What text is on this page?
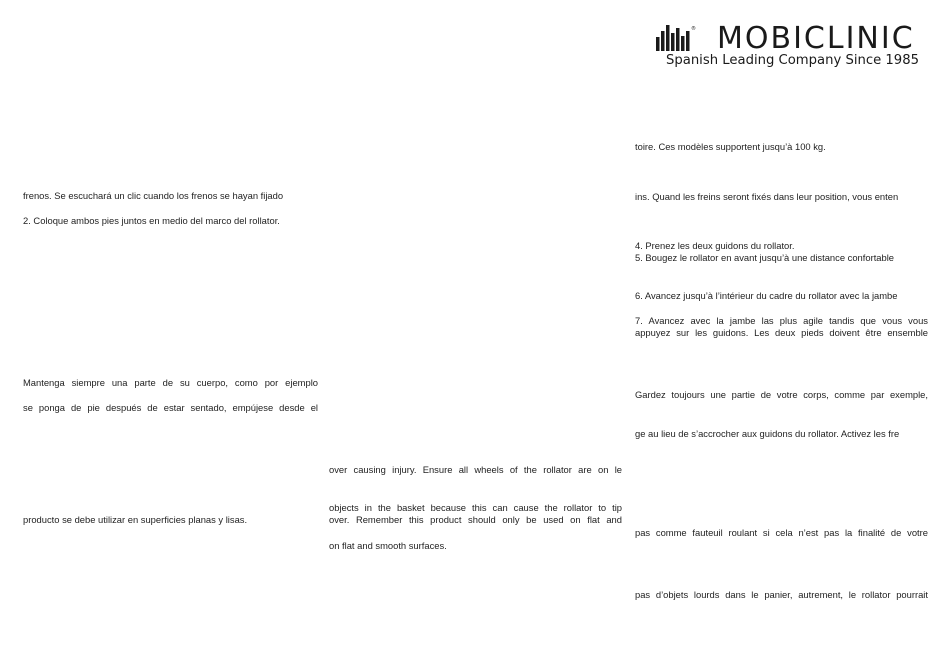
® MOBICLINIC
Spanish Leading Company Since 1985
frenos. Se escuchará un clic cuando los frenos se hayan fijado
2. Coloque ambos pies juntos en medio del marco del rollator.
Mantenga siempre una parte de su cuerpo, como por ejemplo
se ponga de pie después de estar sentado, empújese desde el
producto se debe utilizar en superficies planas y lisas.
over causing injury. Ensure all wheels of the rollator are on le
objects in the basket because this can cause the rollator to tip
over. Remember this product should only be used on flat and
on flat and smooth surfaces.
toire. Ces modèles supportent jusqu’à 100 kg.
ins. Quand les freins seront fixés dans leur position, vous enten
4. Prenez les deux guidons du rollator.
5. Bougez le rollator en avant jusqu’à une distance confortable
6. Avancez jusqu’à l’intérieur du cadre du rollator avec la jambe
7. Avancez avec la jambe las plus agile tandis que vous vous
appuyez sur les guidons. Les deux pieds doivent être ensemble
Gardez toujours une partie de votre corps, comme par exemple,
ge au lieu de s’accrocher aux guidons du rollator. Activez les fre
pas comme fauteuil roulant si cela n’est pas la finalité de votre
pas d’objets lourds dans le panier, autrement, le rollator pourrait
